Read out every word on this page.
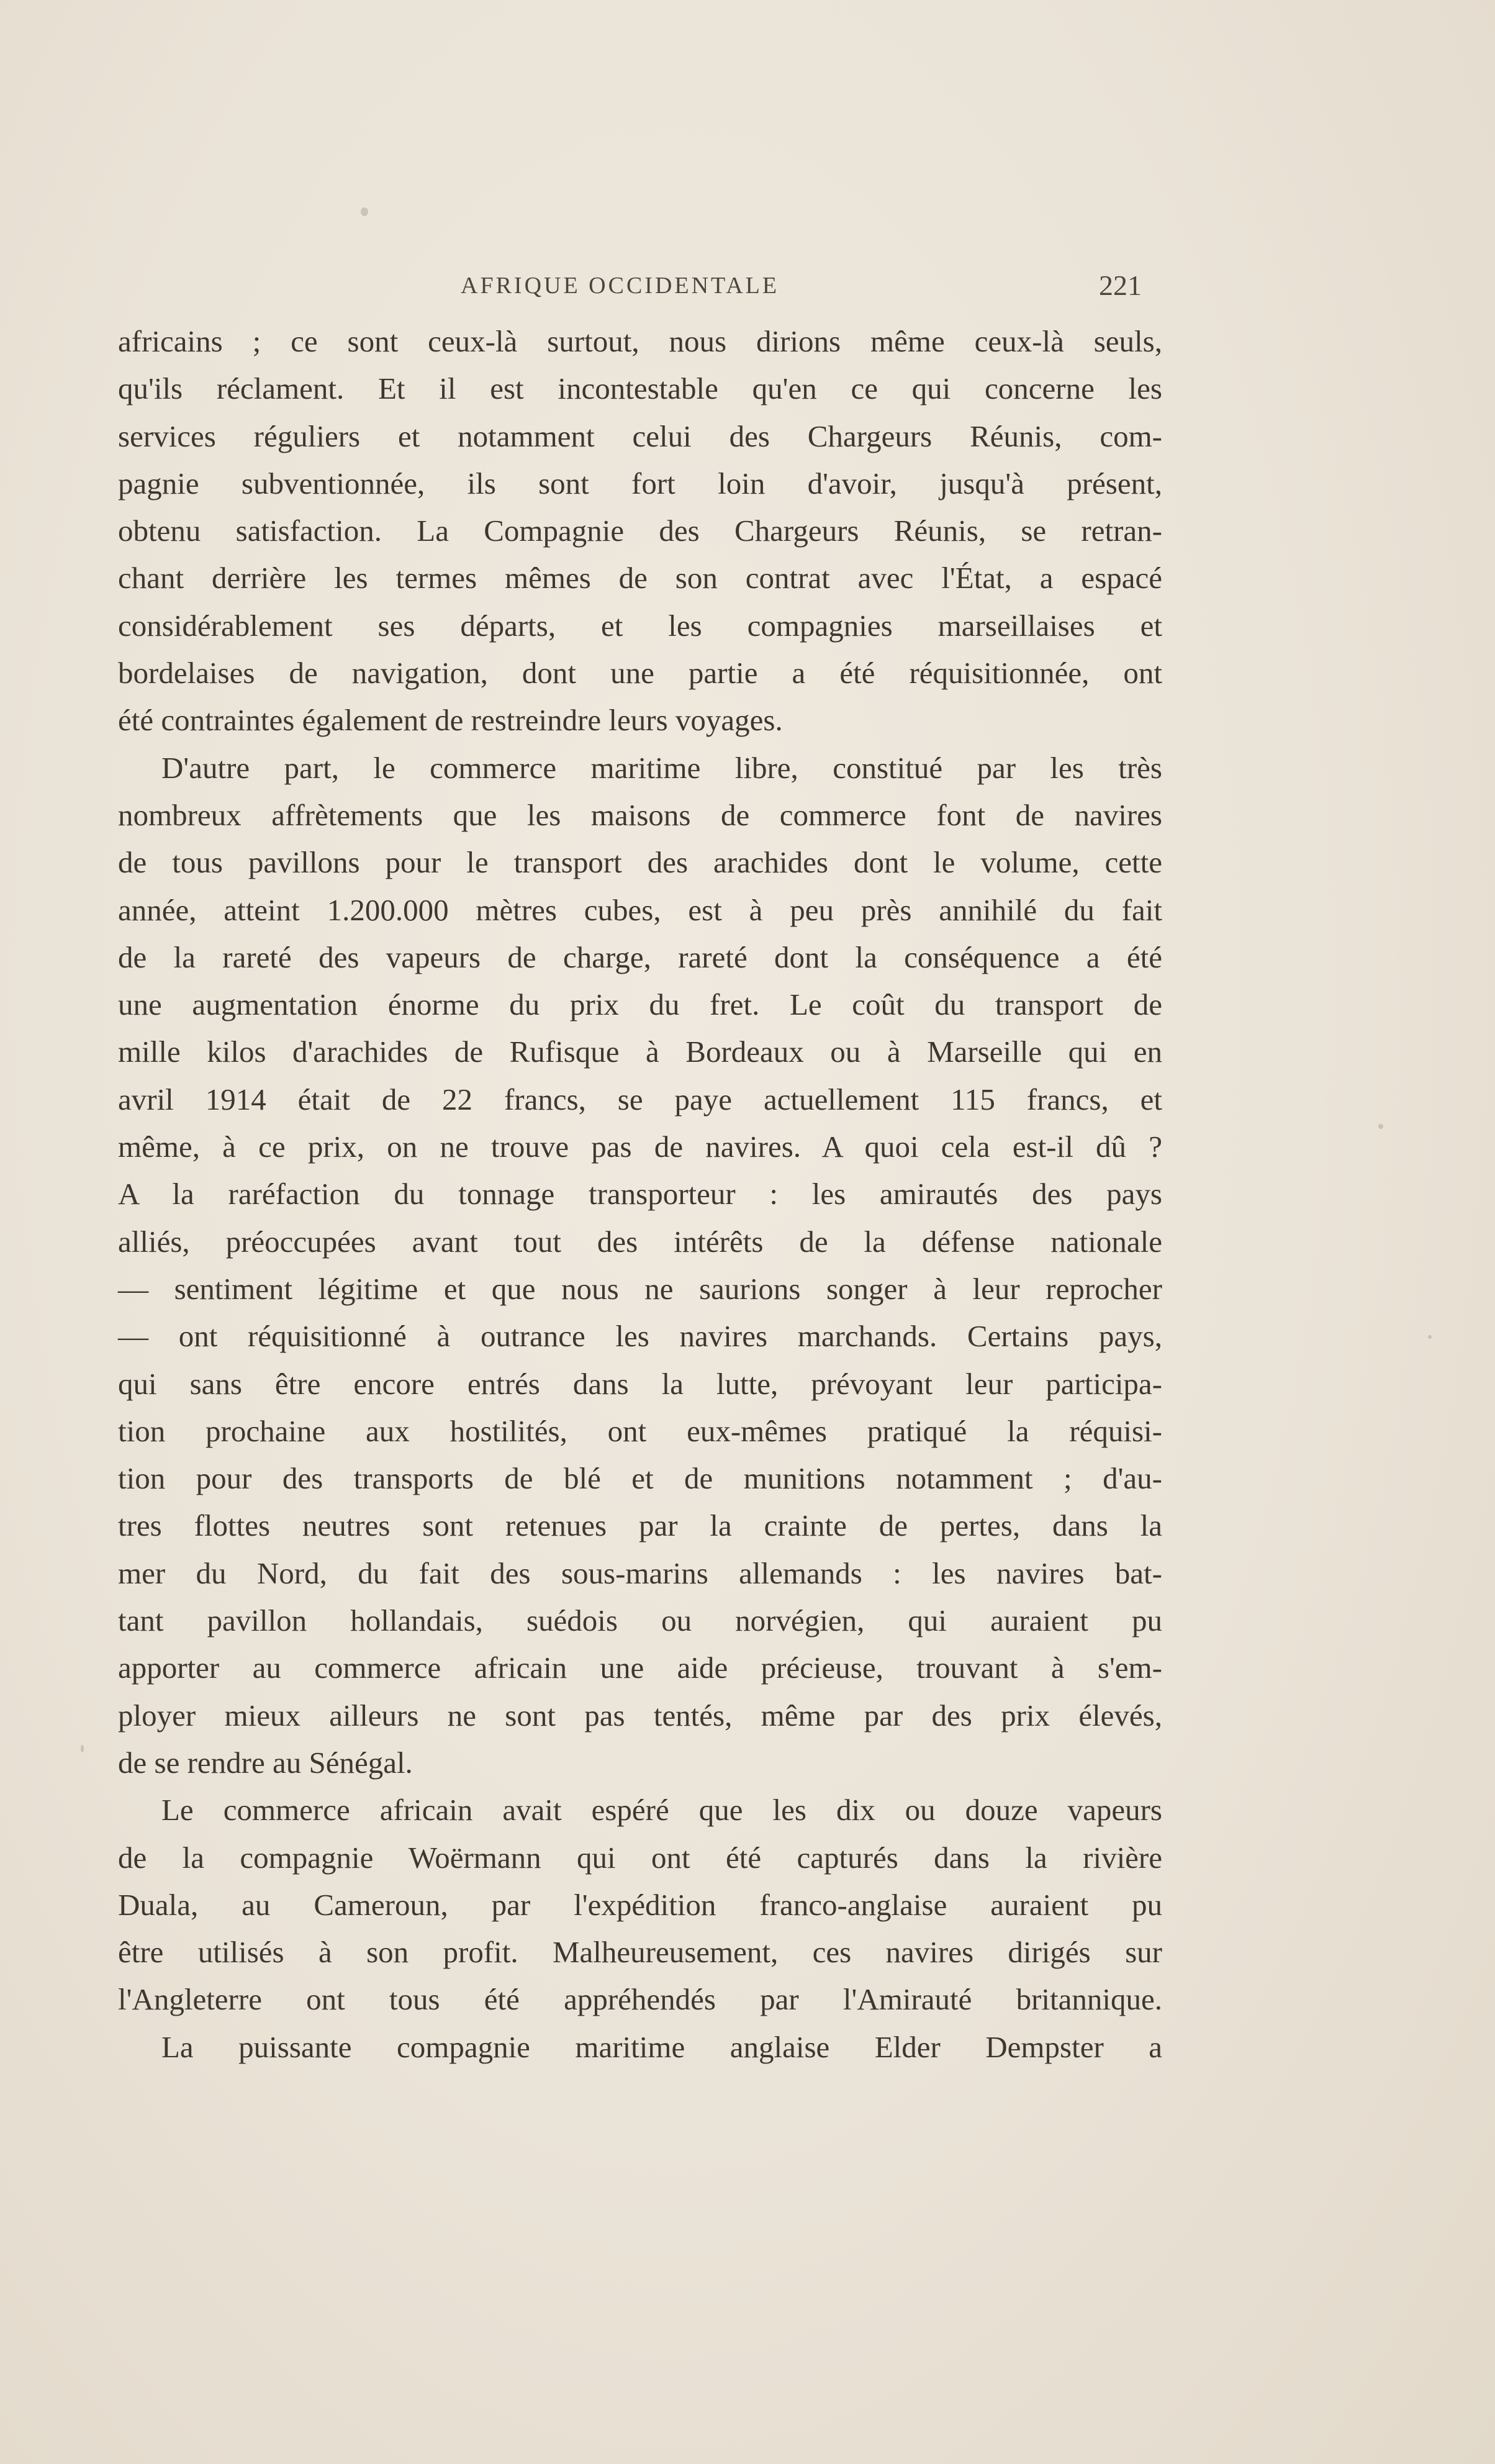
AFRIQUE OCCIDENTALE	221
africains ; ce sont ceux-là surtout, nous dirions même ceux-là seuls,
qu'ils réclament. Et il est incontestable qu'en ce qui concerne les
services réguliers et notamment celui des Chargeurs Réunis, com-
pagnie subventionnée, ils sont fort loin d'avoir, jusqu'à présent,
obtenu satisfaction. La Compagnie des Chargeurs Réunis, se retran-
chant derrière les termes mêmes de son contrat avec l'État, a espacé
considérablement ses départs, et les compagnies marseillaises et
bordelaises de navigation, dont une partie a été réquisitionnée, ont
été contraintes également de restreindre leurs voyages.
D'autre part, le commerce maritime libre, constitué par les très
nombreux affrètements que les maisons de commerce font de navires
de tous pavillons pour le transport des arachides dont le volume, cette
année, atteint 1.200.000 mètres cubes, est à peu près annihilé du fait
de la rareté des vapeurs de charge, rareté dont la conséquence a été
une augmentation énorme du prix du fret. Le coût du transport de
mille kilos d'arachides de Rufisque à Bordeaux ou à Marseille qui en
avril 1914 était de 22 francs, se paye actuellement 115 francs, et
même, à ce prix, on ne trouve pas de navires. A quoi cela est-il dû ?
A la raréfaction du tonnage transporteur : les amirautés des pays
alliés, préoccupées avant tout des intérêts de la défense nationale
— sentiment légitime et que nous ne saurions songer à leur reprocher
— ont réquisitionné à outrance les navires marchands. Certains pays,
qui sans être encore entrés dans la lutte, prévoyant leur participa-
tion prochaine aux hostilités, ont eux-mêmes pratiqué la réquisi-
tion pour des transports de blé et de munitions notamment ; d'au-
tres flottes neutres sont retenues par la crainte de pertes, dans la
mer du Nord, du fait des sous-marins allemands : les navires bat-
tant pavillon hollandais, suédois ou norvégien, qui auraient pu
apporter au commerce africain une aide précieuse, trouvant à s'em-
ployer mieux ailleurs ne sont pas tentés, même par des prix élevés,
de se rendre au Sénégal.
Le commerce africain avait espéré que les dix ou douze vapeurs
de la compagnie Woërmann qui ont été capturés dans la rivière
Duala, au Cameroun, par l'expédition franco-anglaise auraient pu
être utilisés à son profit. Malheureusement, ces navires dirigés sur
l'Angleterre ont tous été appréhendés par l'Amirauté britannique.
La puissante compagnie maritime anglaise Elder Dempster a
